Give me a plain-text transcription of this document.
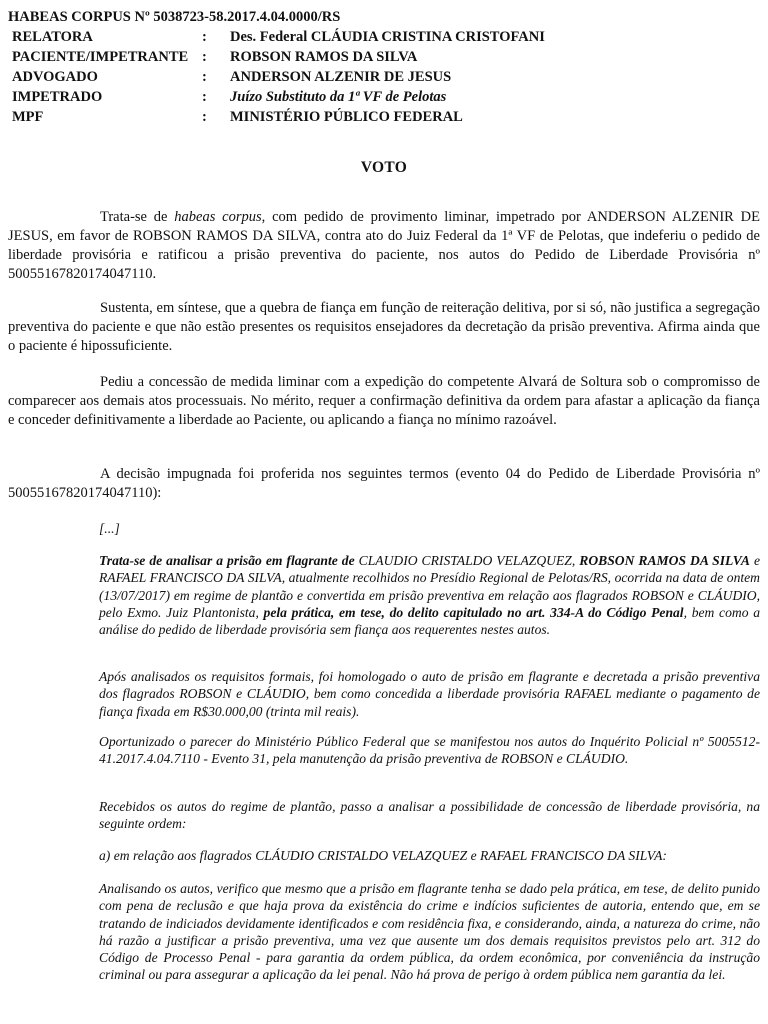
HABEAS CORPUS Nº 5038723-58.2017.4.04.0000/RS
RELATORA	:	Des. Federal CLÁUDIA CRISTINA CRISTOFANI
PACIENTE/IMPETRANTE	:	ROBSON RAMOS DA SILVA
ADVOGADO	:	ANDERSON ALZENIR DE JESUS
IMPETRADO	:	Juízo Substituto da 1ª VF de Pelotas
MPF	:	MINISTÉRIO PÚBLICO FEDERAL
VOTO
Trata-se de habeas corpus, com pedido de provimento liminar, impetrado por ANDERSON ALZENIR DE JESUS, em favor de ROBSON RAMOS DA SILVA, contra ato do Juiz Federal da 1ª VF de Pelotas, que indeferiu o pedido de liberdade provisória e ratificou a prisão preventiva do paciente, nos autos do Pedido de Liberdade Provisória nº 50055167820174047110.
Sustenta, em síntese, que a quebra de fiança em função de reiteração delitiva, por si só, não justifica a segregação preventiva do paciente e que não estão presentes os requisitos ensejadores da decretação da prisão preventiva. Afirma ainda que o paciente é hipossuficiente.
Pediu a concessão de medida liminar com a expedição do competente Alvará de Soltura sob o compromisso de comparecer aos demais atos processuais. No mérito, requer a confirmação definitiva da ordem para afastar a aplicação da fiança e conceder definitivamente a liberdade ao Paciente, ou aplicando a fiança no mínimo razoável.
A decisão impugnada foi proferida nos seguintes termos (evento 04 do Pedido de Liberdade Provisória nº 50055167820174047110):
[...]
Trata-se de analisar a prisão em flagrante de CLAUDIO CRISTALDO VELAZQUEZ, ROBSON RAMOS DA SILVA e RAFAEL FRANCISCO DA SILVA, atualmente recolhidos no Presídio Regional de Pelotas/RS, ocorrida na data de ontem (13/07/2017) em regime de plantão e convertida em prisão preventiva em relação aos flagrados ROBSON e CLÁUDIO, pelo Exmo. Juiz Plantonista, pela prática, em tese, do delito capitulado no art. 334-A do Código Penal, bem como a análise do pedido de liberdade provisória sem fiança aos requerentes nestes autos.
Após analisados os requisitos formais, foi homologado o auto de prisão em flagrante e decretada a prisão preventiva dos flagrados ROBSON e CLÁUDIO, bem como concedida a liberdade provisória RAFAEL mediante o pagamento de fiança fixada em R$30.000,00 (trinta mil reais).
Oportunizado o parecer do Ministério Público Federal que se manifestou nos autos do Inquérito Policial nº 5005512-41.2017.4.04.7110 - Evento 31, pela manutenção da prisão preventiva de ROBSON e CLÁUDIO.
Recebidos os autos do regime de plantão, passo a analisar a possibilidade de concessão de liberdade provisória, na seguinte ordem:
a) em relação aos flagrados CLÁUDIO CRISTALDO VELAZQUEZ e RAFAEL FRANCISCO DA SILVA:
Analisando os autos, verifico que mesmo que a prisão em flagrante tenha se dado pela prática, em tese, de delito punido com pena de reclusão e que haja prova da existência do crime e indícios suficientes de autoria, entendo que, em se tratando de indiciados devidamente identificados e com residência fixa, e considerando, ainda, a natureza do crime, não há razão a justificar a prisão preventiva, uma vez que ausente um dos demais requisitos previstos pelo art. 312 do Código de Processo Penal - para garantia da ordem pública, da ordem econômica, por conveniência da instrução criminal ou para assegurar a aplicação da lei penal. Não há prova de perigo à ordem pública nem garantia da lei.
